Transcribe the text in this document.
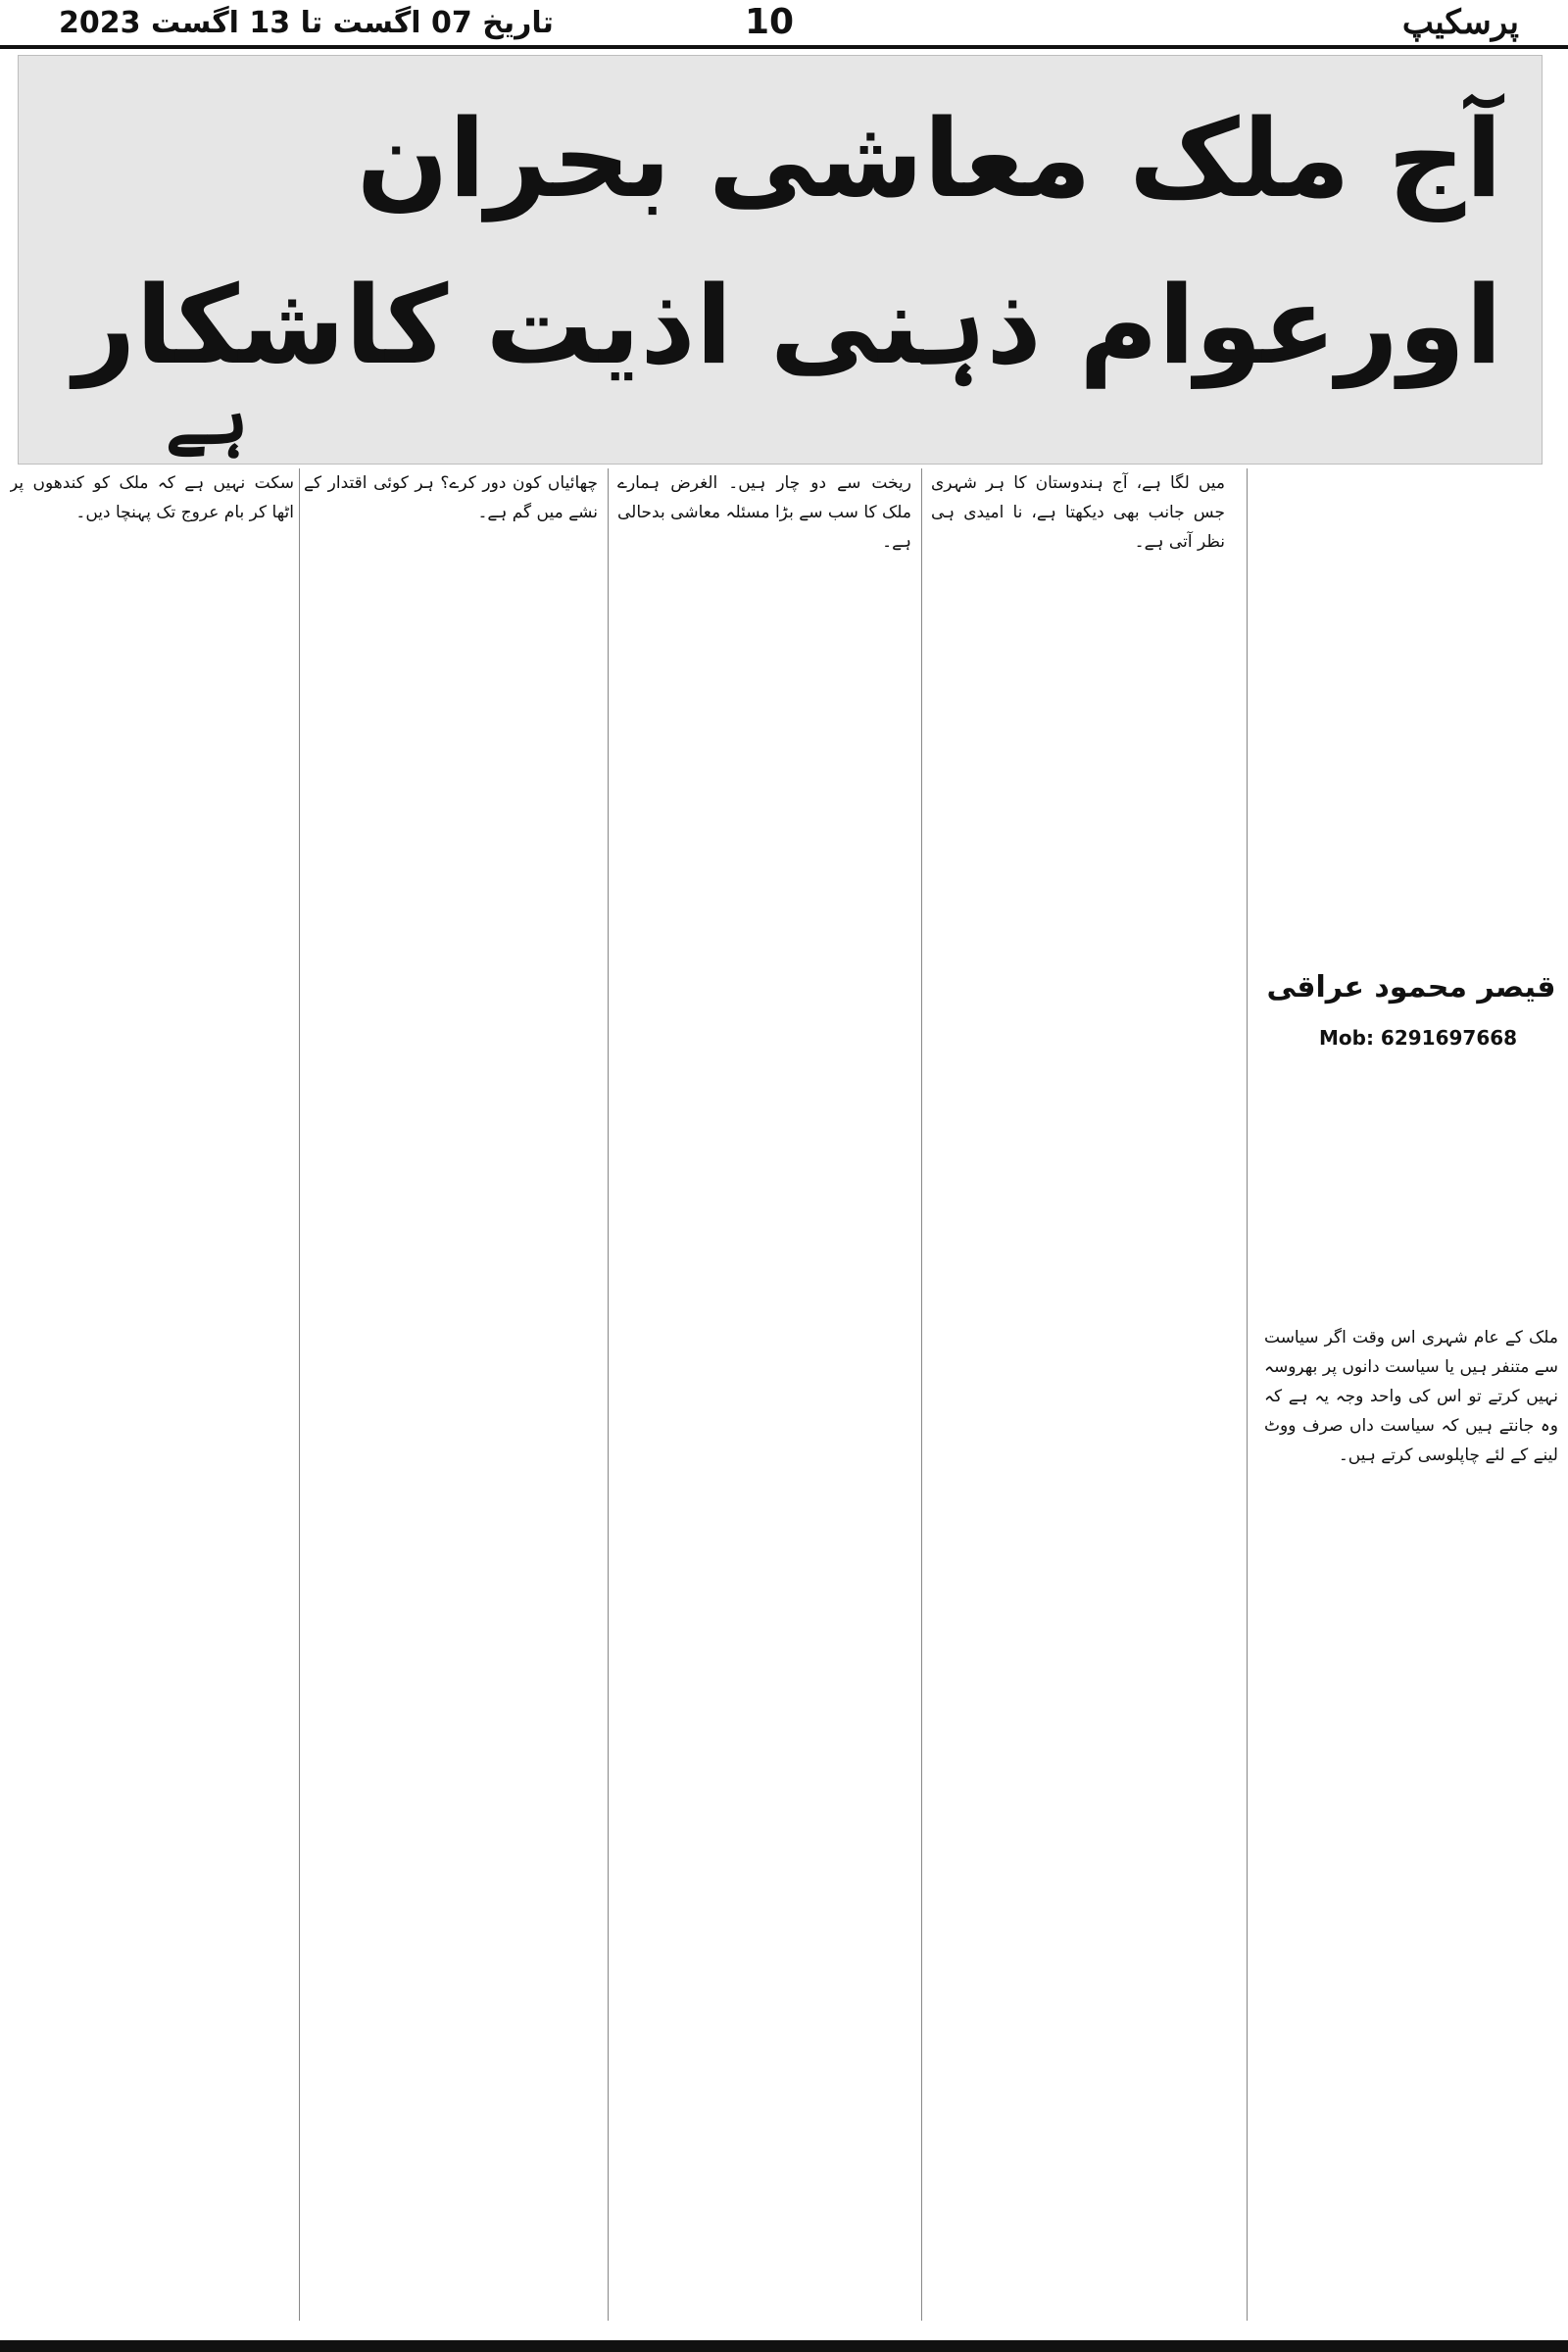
تاریخ 07 اگست تا 13 اگست 2023	10	پرسکیپ
آج ملک معاشی بحران
اورعوام ذہنی اذیت کاشکار
ہے
قیصر محمود عراقی
Mob: 6291697668

ملک کے عام شہری اس وقت اگر سیاست سے متنفر ہیں یا سیاست دانوں پر بھروسہ نہیں کرتے تو اس کی واحد وجہ یہ ہے کہ وہ جانتے ہیں کہ سیاست داں صرف ووٹ لینے کے لئے چاپلوسی کرتے ہیں۔

میں لگا ہے، آج ہندوستان کا ہر شہری جس جانب بھی دیکھتا ہے، نا امیدی ہی نظر آتی ہے۔

ریخت سے دو چار ہیں۔ الغرض ہمارے ملک کا سب سے بڑا مسئلہ معاشی بدحالی ہے۔

چھائیاں کون دور کرے؟ ہر کوئی اقتدار کے نشے میں گم ہے۔

سکت نہیں ہے کہ ملک کو کندھوں پر اٹھا کر بام عروج تک پہنچا دیں۔
